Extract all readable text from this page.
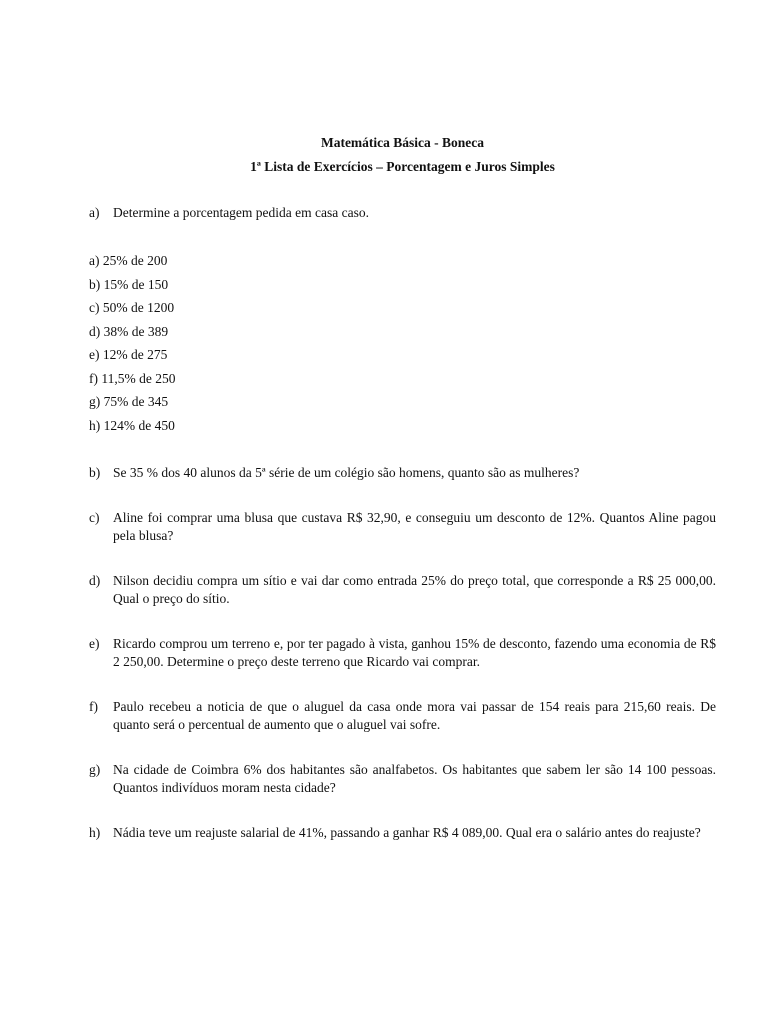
Matemática Básica - Boneca
1ª Lista de Exercícios – Porcentagem e Juros Simples
a)	Determine a porcentagem pedida em casa caso.
a) 25% de 200
b) 15% de 150
c) 50% de 1200
d) 38% de 389
e) 12% de 275
f) 11,5% de 250
g) 75% de 345
h) 124% de 450
b) Se 35 % dos 40 alunos da 5ª série de um colégio são homens, quanto são as mulheres?
c)	Aline foi comprar uma blusa que custava R$ 32,90, e conseguiu um desconto de 12%. Quantos Aline pagou pela blusa?
d) Nilson decidiu compra um sítio e vai dar como entrada 25% do preço total, que corresponde a R$ 25 000,00. Qual o preço do sítio.
e)	Ricardo comprou um terreno e, por ter pagado à vista, ganhou 15% de desconto, fazendo uma economia de R$ 2 250,00. Determine o preço deste terreno que Ricardo vai comprar.
f)	Paulo recebeu a noticia de que o aluguel da casa onde mora vai passar de 154 reais para 215,60 reais. De quanto será o percentual de aumento que o aluguel vai sofre.
g) Na cidade de Coimbra 6% dos habitantes são analfabetos. Os habitantes que sabem ler são 14 100 pessoas. Quantos indivíduos moram nesta cidade?
h) Nádia teve um reajuste salarial de 41%, passando a ganhar R$ 4 089,00. Qual era o salário antes do reajuste?
